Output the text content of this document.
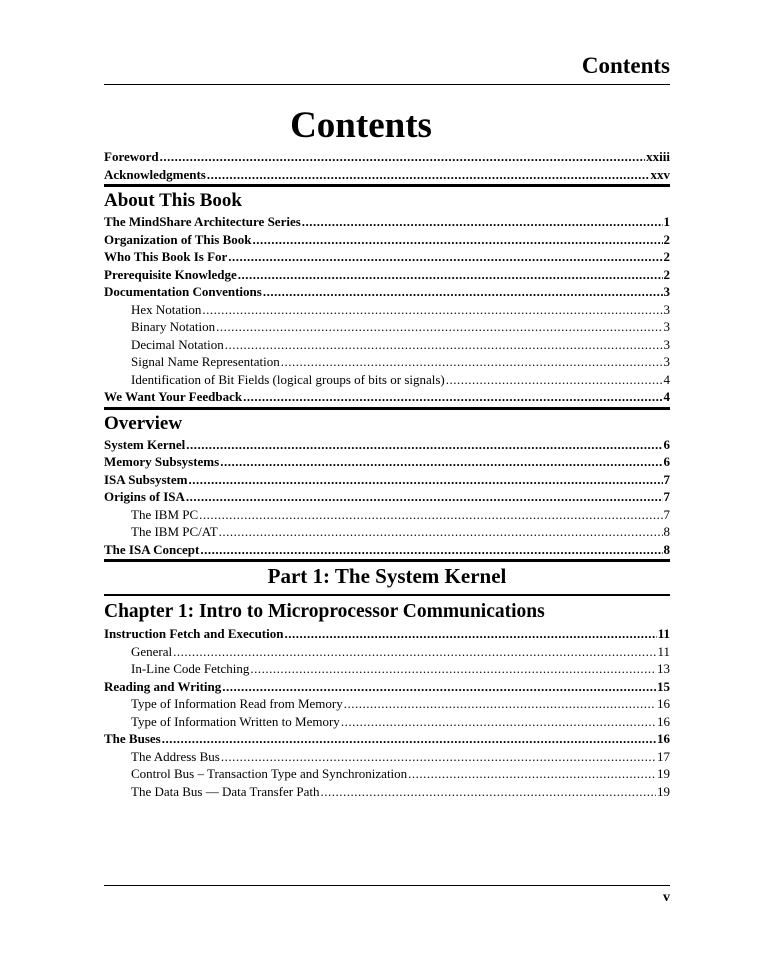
Contents
Contents
Foreword .....	xxiii
Acknowledgments .....	xxv
About This Book
The MindShare Architecture Series .....	1
Organization of This Book .....	2
Who This Book Is For .....	2
Prerequisite Knowledge .....	2
Documentation Conventions .....	3
Hex Notation .....	3
Binary Notation .....	3
Decimal Notation .....	3
Signal Name Representation .....	3
Identification of Bit Fields (logical groups of bits or signals) .....	4
We Want Your Feedback .....	4
Overview
System Kernel .....	6
Memory Subsystems .....	6
ISA Subsystem .....	7
Origins of ISA .....	7
The IBM PC .....	7
The IBM PC/AT .....	8
The ISA Concept .....	8
Part 1: The System Kernel
Chapter 1: Intro to Microprocessor Communications
Instruction Fetch and Execution .....	11
General .....	11
In-Line Code Fetching .....	13
Reading and Writing .....	15
Type of Information Read from Memory .....	16
Type of Information Written to Memory .....	16
The Buses .....	16
The Address Bus .....	17
Control Bus – Transaction Type and Synchronization .....	19
The Data Bus — Data Transfer Path .....	19
v
